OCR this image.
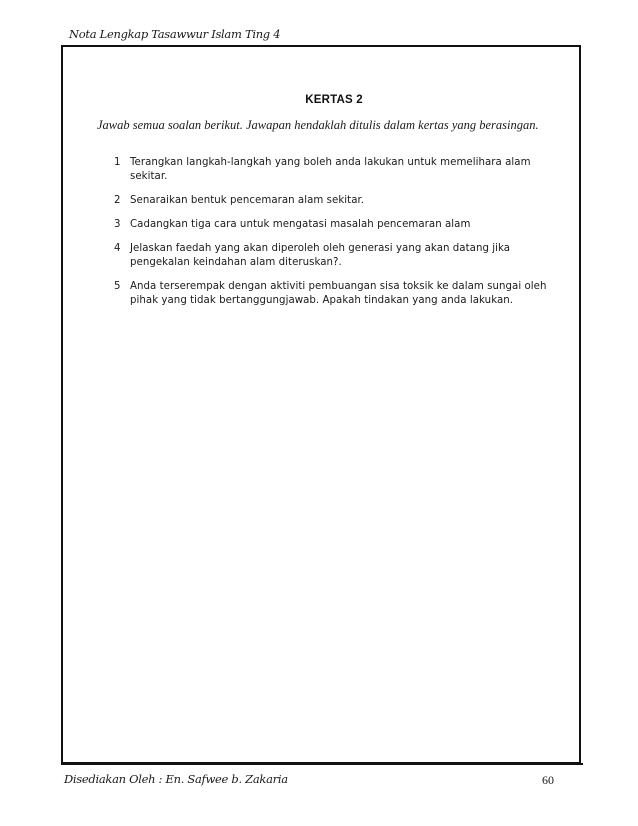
Nota Lengkap Tasawwur Islam Ting 4
KERTAS 2
Jawab semua soalan berikut. Jawapan hendaklah ditulis dalam kertas yang berasingan.
1 Terangkan langkah-langkah yang boleh anda lakukan untuk memelihara alam sekitar.
2 Senaraikan bentuk pencemaran alam sekitar.
3 Cadangkan tiga cara untuk mengatasi masalah pencemaran alam
4 Jelaskan faedah yang akan diperoleh oleh generasi yang akan datang jika pengekalan keindahan alam diteruskan?.
5 Anda terserempak dengan aktiviti pembuangan sisa toksik ke dalam sungai oleh pihak yang tidak bertanggungjawab. Apakah tindakan yang anda lakukan.
Disediakan Oleh : En. Safwee b. Zakaria	60
